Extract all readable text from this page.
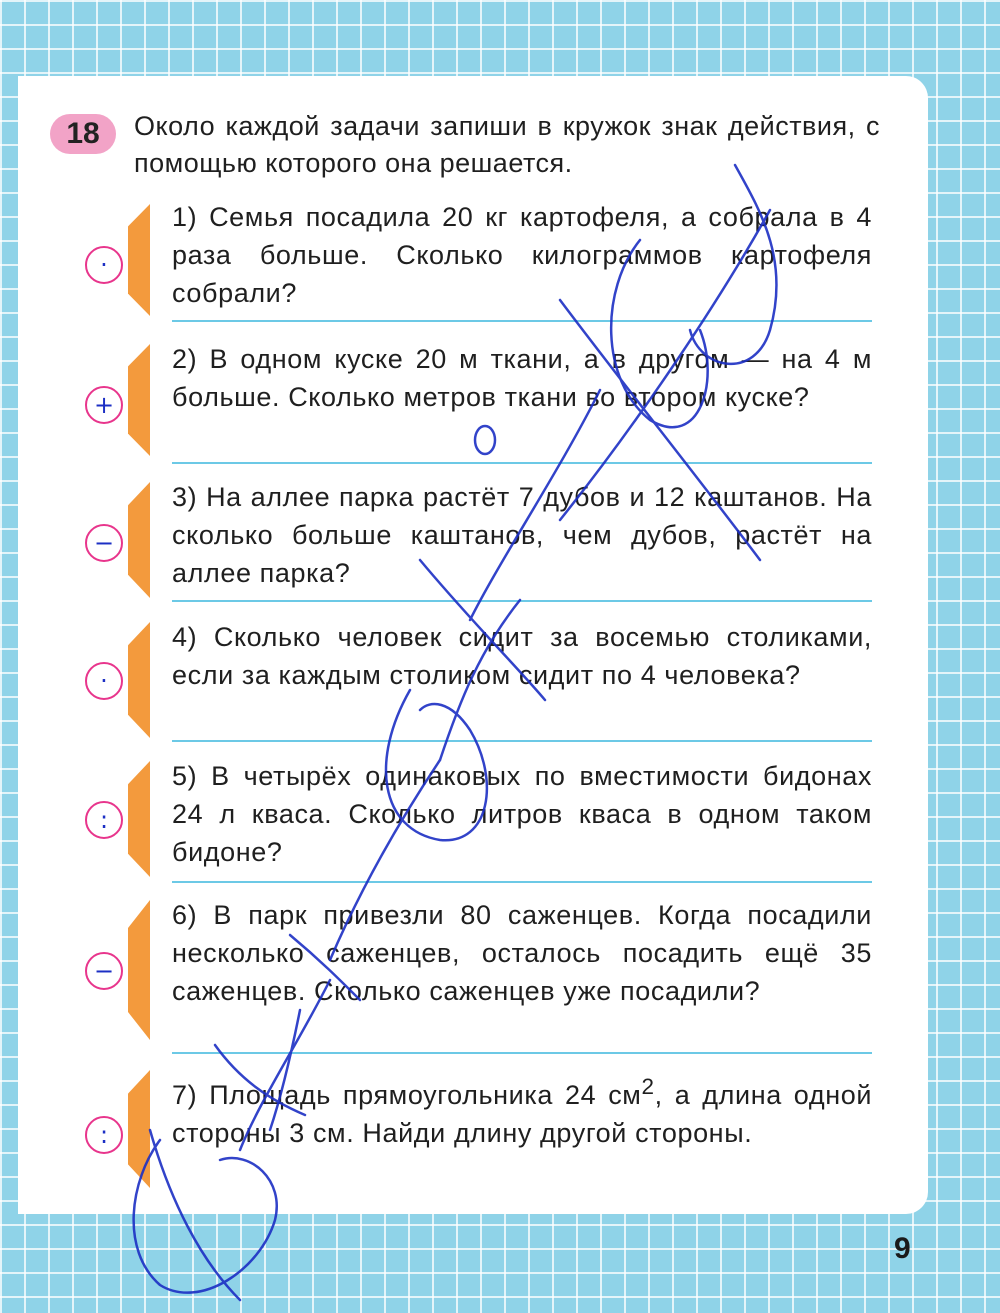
18	Около каждой задачи запиши в кружок знак действия, с помощью которого она решается.

·

1) Семья посадила 20 кг картофеля, а собрала в 4 раза больше. Сколько килограммов картофеля собрали?

+

2) В одном куске 20 м ткани, а в другом — на 4 м больше. Сколько метров ткани во втором куске?

−

3) На аллее парка растёт 7 дубов и 12 каштанов. На сколько больше каштанов, чем дубов, растёт на аллее парка?

·

4) Сколько человек сидит за восемью столиками, если за каждым столиком сидит по 4 человека?

:

5) В четырёх одинаковых по вместимости бидонах 24 л кваса. Сколько литров кваса в одном таком бидоне?

−

6) В парк привезли 80 саженцев. Когда посадили несколько саженцев, осталось посадить ещё 35 саженцев. Сколько саженцев уже посадили?

:

7) Площадь прямоугольника 24 $см^2$, а длина одной стороны 3 см. Найди длину другой стороны.

9
